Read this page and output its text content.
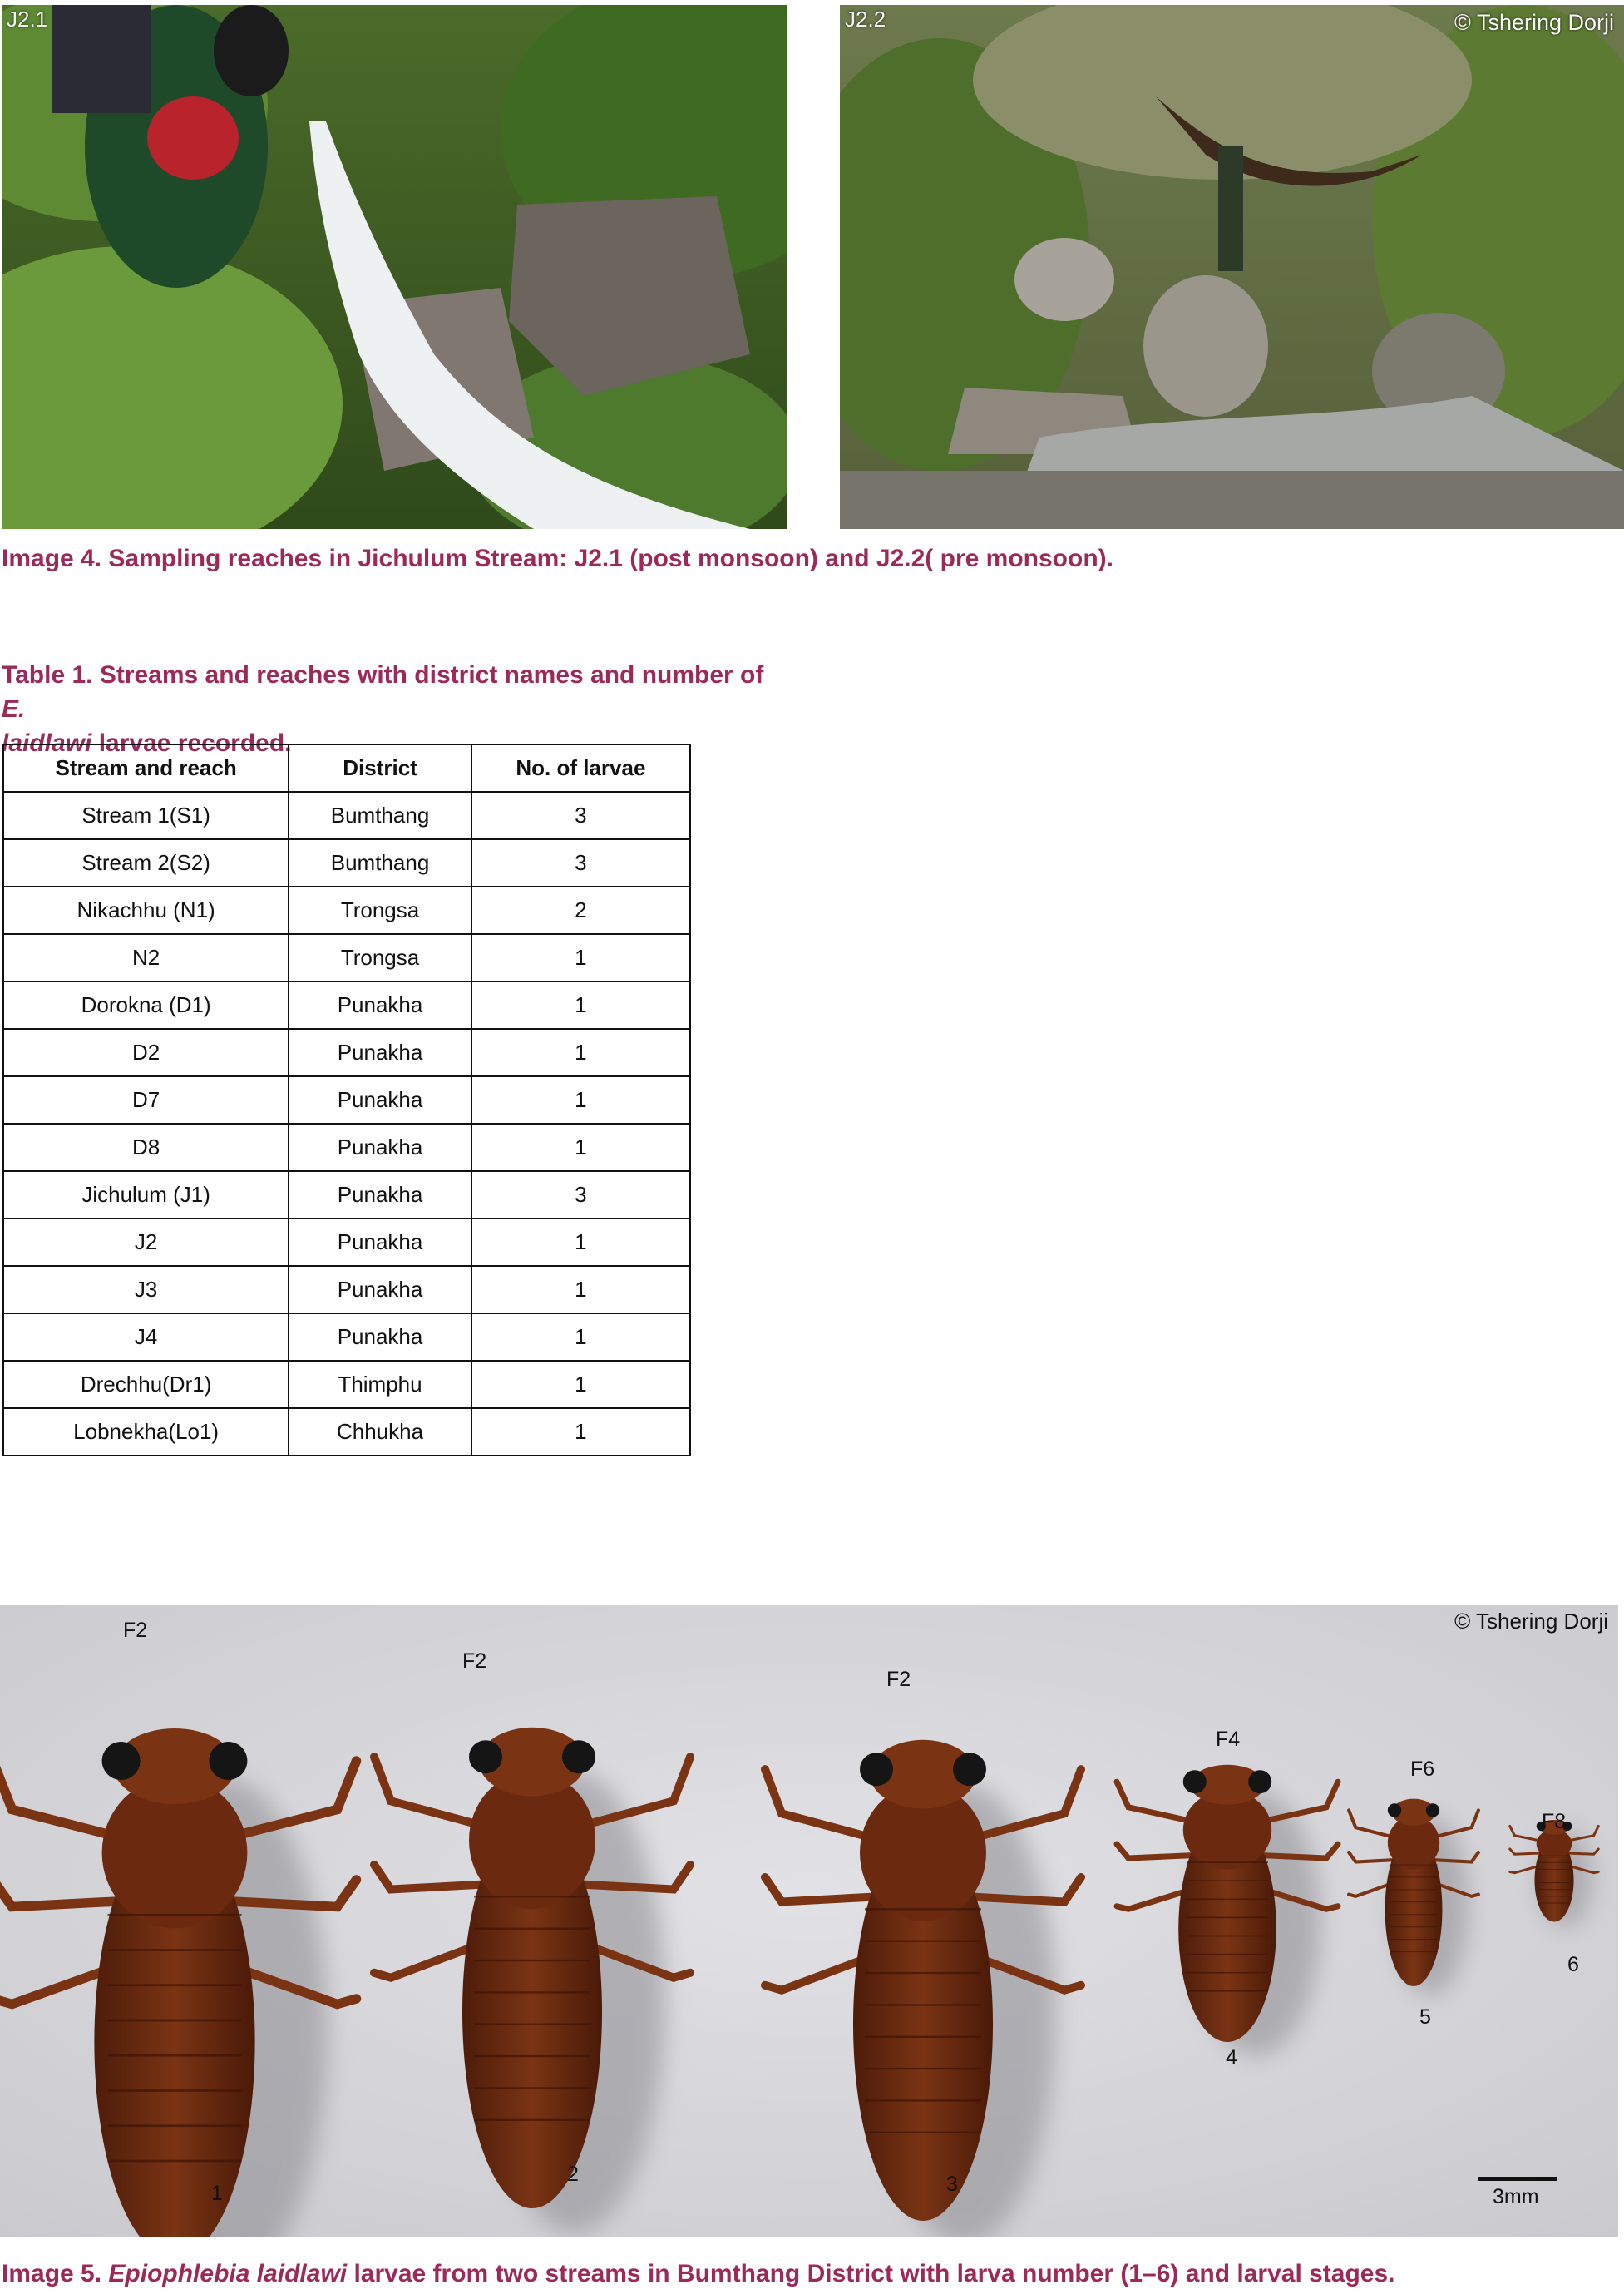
J2.1	J2.2	© Tshering Dorji
Image 4. Sampling reaches in Jichulum Stream: J2.1 (post monsoon) and J2.2( pre monsoon).
Table 1. Streams and reaches with district names and number of E.
laidlawi larvae recorded.
Stream and reach	District	No. of larvae
Stream 1(S1)	Bumthang	3
Stream 2(S2)	Bumthang	3
Nikachhu (N1)	Trongsa	2
N2	Trongsa	1
Dorokna (D1)	Punakha	1
D2	Punakha	1
D7	Punakha	1
D8	Punakha	1
Jichulum (J1)	Punakha	3
J2	Punakha	1
J3	Punakha	1
J4	Punakha	1
Drechhu(Dr1)	Thimphu	1
Lobnekha(Lo1)	Chhukha	1
© Tshering Dorji
F2
F2
F2
F4
F6
F8
1
2	3
4
5
6
3mm
Image 5. Epiophlebia laidlawi larvae from two streams in Bumthang District with larva number (1–6) and larval stages.
